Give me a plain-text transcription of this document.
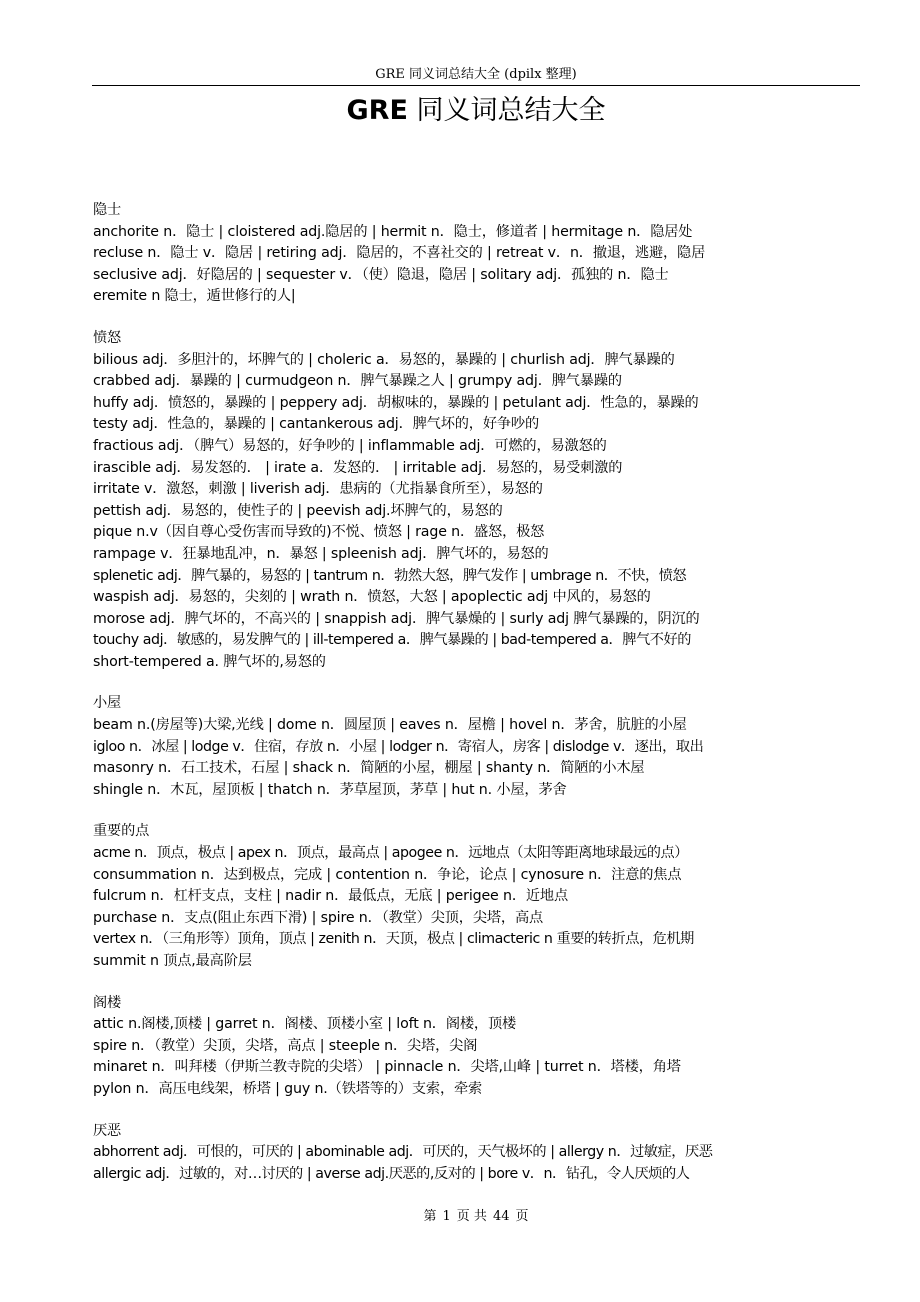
GRE 同义词总结大全 (dpilx 整理)
GRE 同义词总结大全
隐士
anchorite n．隐士 | cloistered adj.隐居的 | hermit n．隐士，修道者 | hermitage n．隐居处
recluse n．隐士 v．隐居 | retiring adj．隐居的，不喜社交的 | retreat v．n．撤退，逃避，隐居
seclusive adj．好隐居的 | sequester v．（使）隐退，隐居 | solitary adj．孤独的 n．隐士
eremite n 隐士，遁世修行的人|
愤怒
bilious adj．多胆汁的，坏脾气的 | choleric a．易怒的，暴躁的 | churlish adj．脾气暴躁的
crabbed adj．暴躁的 | curmudgeon n．脾气暴躁之人 | grumpy adj．脾气暴躁的
huffy adj．愤怒的，暴躁的 | peppery adj．胡椒味的，暴躁的 | petulant adj．性急的，暴躁的
testy adj．性急的，暴躁的 | cantankerous adj．脾气坏的，好争吵的
fractious adj．（脾气）易怒的，好争吵的 | inflammable adj．可燃的，易激怒的
irascible adj．易发怒的． | irate a．发怒的． | irritable adj．易怒的，易受刺激的
irritate v．激怒，刺激 | liverish adj．患病的（尤指暴食所至），易怒的
pettish adj．易怒的，使性子的 | peevish adj.坏脾气的，易怒的
pique n.v（因自尊心受伤害而导致的)不悦、愤怒 | rage n．盛怒，极怒
rampage v．狂暴地乱冲，n．暴怒 | spleenish adj．脾气坏的，易怒的
splenetic adj．脾气暴的，易怒的 | tantrum n．勃然大怒，脾气发作 | umbrage n．不快，愤怒
waspish adj．易怒的，尖刻的 | wrath n．愤怒，大怒 | apoplectic adj 中风的，易怒的
morose adj．脾气坏的，不高兴的 | snappish adj．脾气暴燥的 | surly adj 脾气暴躁的，阴沉的
touchy adj．敏感的，易发脾气的 | ill-tempered a．脾气暴躁的 | bad-tempered a．脾气不好的
short-tempered a. 脾气坏的,易怒的
小屋
beam n.(房屋等)大梁,光线 | dome n．圆屋顶 | eaves n．屋檐 | hovel n．茅舍，肮脏的小屋
igloo n．冰屋 | lodge v．住宿，存放 n．小屋 | lodger n．寄宿人，房客 | dislodge v．逐出，取出
masonry n．石工技术，石屋 | shack n．简陋的小屋，棚屋 | shanty n．简陋的小木屋
shingle n．木瓦，屋顶板 | thatch n．茅草屋顶，茅草 | hut n. 小屋，茅舍
重要的点
acme n．顶点，极点 | apex n．顶点，最高点 | apogee n．远地点（太阳等距离地球最远的点）
consummation n．达到极点，完成 | contention n．争论，论点 | cynosure n．注意的焦点
fulcrum n．杠杆支点，支柱 | nadir n．最低点，无底 | perigee n．近地点
purchase n．支点(阻止东西下滑) | spire n．（教堂）尖顶，尖塔，高点
vertex n．（三角形等）顶角，顶点 | zenith n．天顶，极点 | climacteric n 重要的转折点，危机期
summit n 顶点,最高阶层
阁楼
attic n.阁楼,顶楼 | garret n．阁楼、顶楼小室 | loft n．阁楼，顶楼
spire n．（教堂）尖顶，尖塔，高点 | steeple n．尖塔，尖阁
minaret n．叫拜楼（伊斯兰教寺院的尖塔） | pinnacle n．尖塔,山峰 | turret n．塔楼，角塔
pylon n．高压电线架，桥塔 | guy n.（铁塔等的）支索，牵索
厌恶
abhorrent adj．可恨的，可厌的 | abominable adj．可厌的，天气极坏的 | allergy n．过敏症，厌恶
allergic adj．过敏的，对…讨厌的 | averse adj.厌恶的,反对的 | bore v．n．钻孔，令人厌烦的人
第 1 页 共 44 页
